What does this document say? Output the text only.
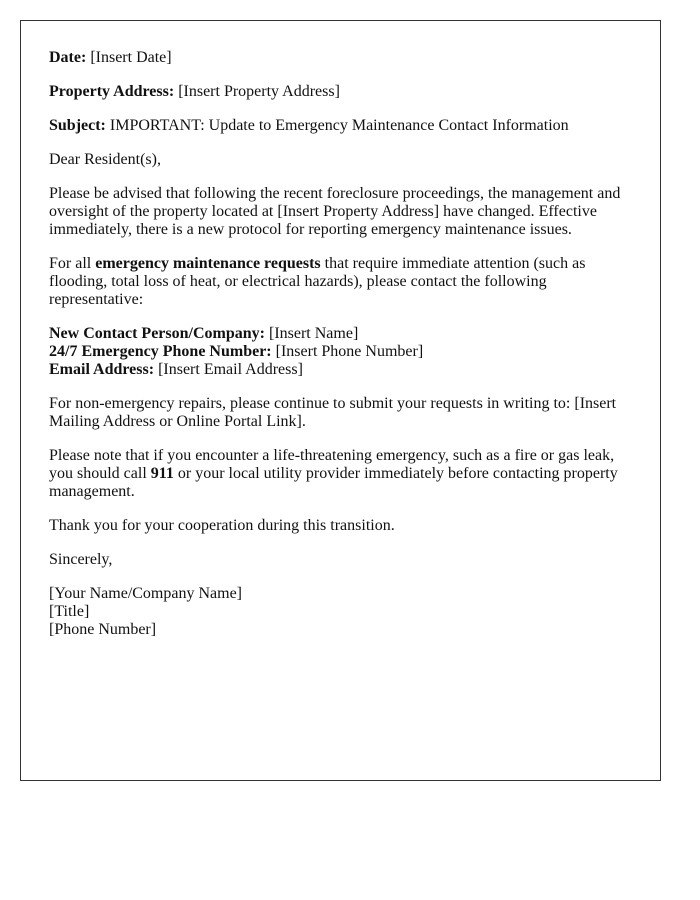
Date: [Insert Date]

Property Address: [Insert Property Address]

Subject: IMPORTANT: Update to Emergency Maintenance Contact Information

Dear Resident(s),

Please be advised that following the recent foreclosure proceedings, the management and oversight of the property located at [Insert Property Address] have changed. Effective immediately, there is a new protocol for reporting emergency maintenance issues.

For all emergency maintenance requests that require immediate attention (such as flooding, total loss of heat, or electrical hazards), please contact the following representative:

New Contact Person/Company: [Insert Name]
24/7 Emergency Phone Number: [Insert Phone Number]
Email Address: [Insert Email Address]

For non-emergency repairs, please continue to submit your requests in writing to: [Insert Mailing Address or Online Portal Link].

Please note that if you encounter a life-threatening emergency, such as a fire or gas leak, you should call 911 or your local utility provider immediately before contacting property management.

Thank you for your cooperation during this transition.

Sincerely,

[Your Name/Company Name]
[Title]
[Phone Number]
